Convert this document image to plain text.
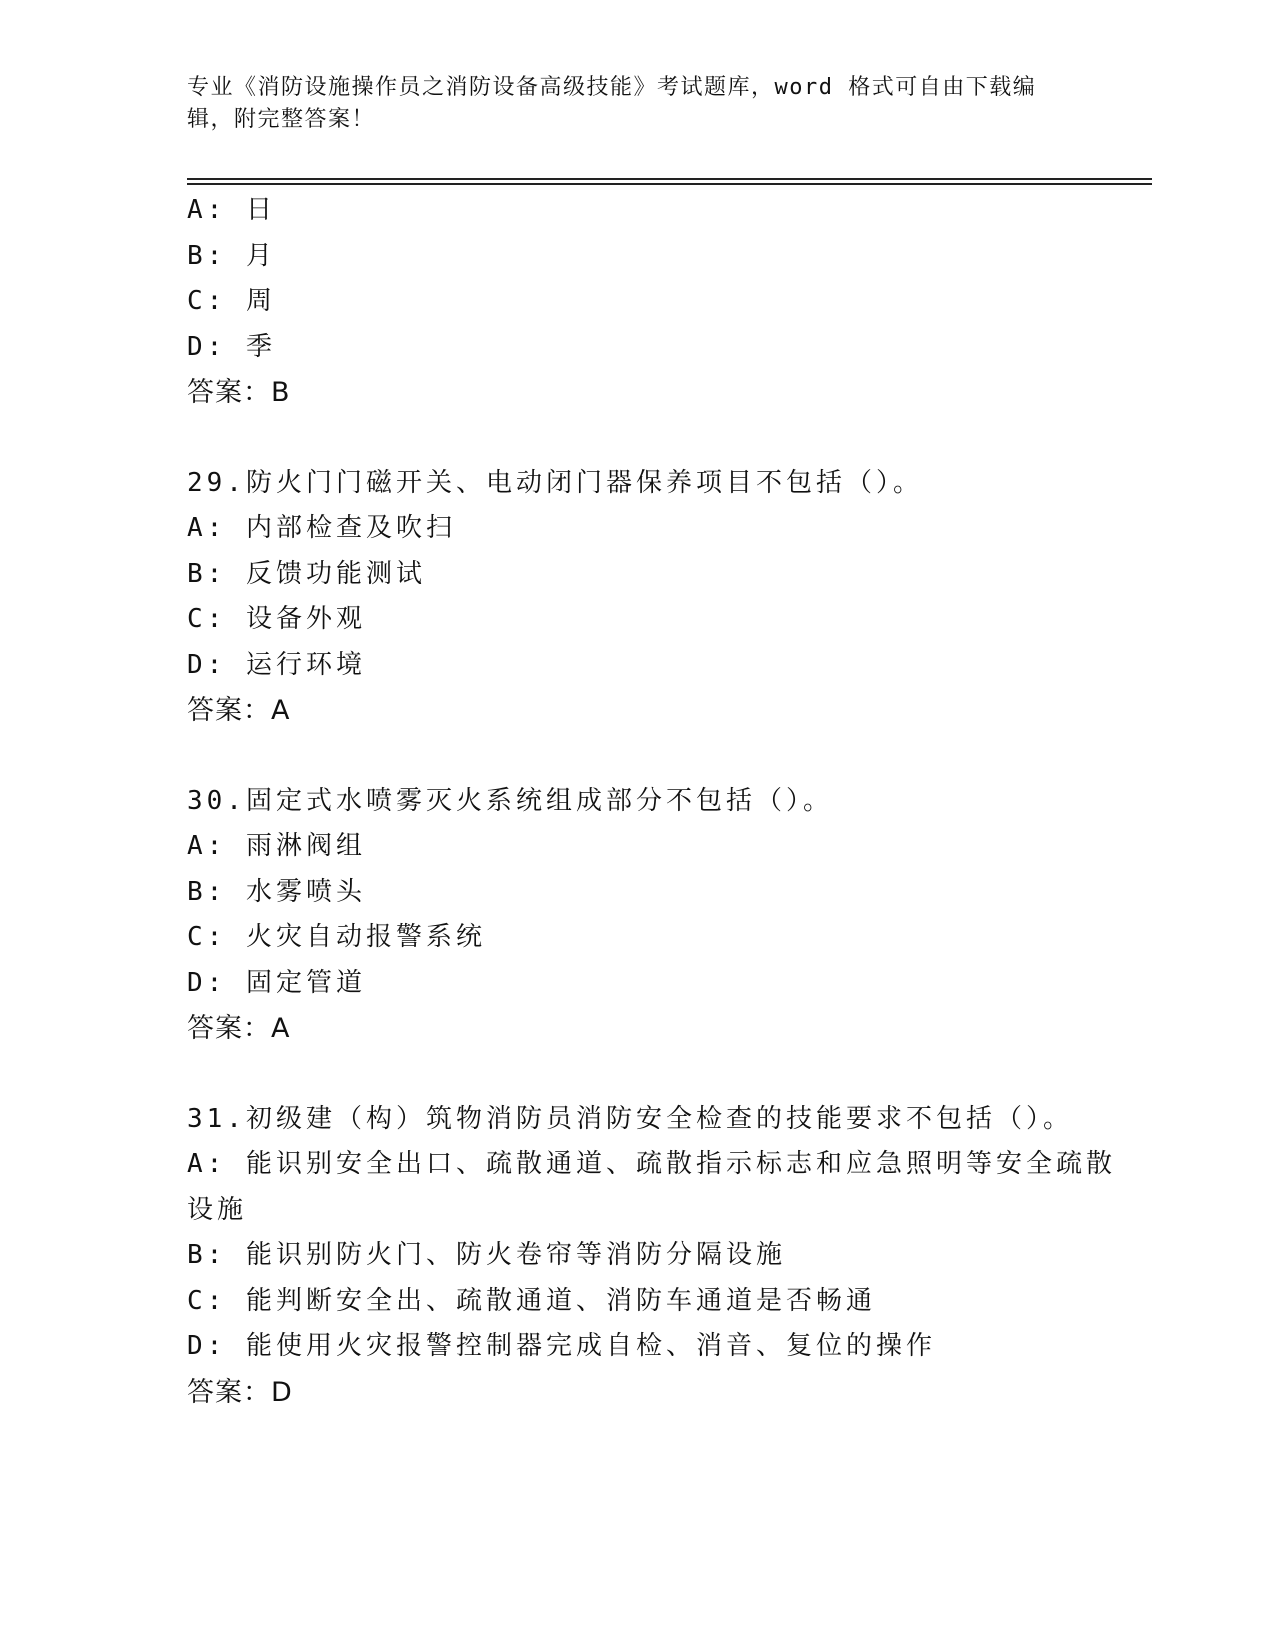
专业《消防设施操作员之消防设备高级技能》考试题库，word 格式可自由下载编
辑，附完整答案！
A: 日
B: 月
C: 周
D: 季
答案：B
29.防火门门磁开关、电动闭门器保养项目不包括（）。
A: 内部检查及吹扫
B: 反馈功能测试
C: 设备外观
D: 运行环境
答案：A
30.固定式水喷雾灭火系统组成部分不包括（）。
A: 雨淋阀组
B: 水雾喷头
C: 火灾自动报警系统
D: 固定管道
答案：A
31.初级建（构）筑物消防员消防安全检查的技能要求不包括（）。
A: 能识别安全出口、疏散通道、疏散指示标志和应急照明等安全疏散
设施
B: 能识别防火门、防火卷帘等消防分隔设施
C: 能判断安全出、疏散通道、消防车通道是否畅通
D: 能使用火灾报警控制器完成自检、消音、复位的操作
答案：D
